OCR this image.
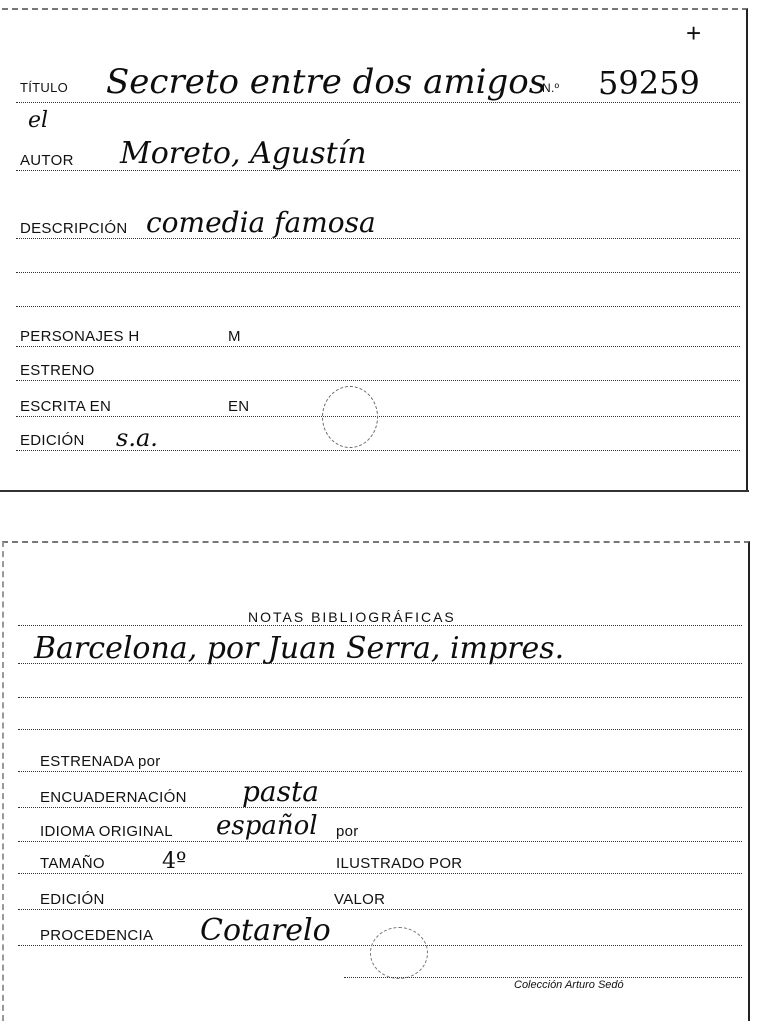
+
TÍTULO Secreto entre dos amigos
N.º 59259
el
AUTOR Moreto, Agustín
DESCRIPCIÓN comedia famosa
PERSONAJES H	M
ESTRENO
ESCRITA EN	EN
EDICIÓN s.a.
NOTAS BIBLIOGRÁFICAS
Barcelona, por Juan Serra, impres.
ESTRENADA por
ENCUADERNACIÓN pasta
IDIOMA ORIGINAL español por
TAMAÑO	4º	ILUSTRADO POR
EDICIÓN	VALOR
PROCEDENCIA Cotarelo
Colección Arturo Sedó
